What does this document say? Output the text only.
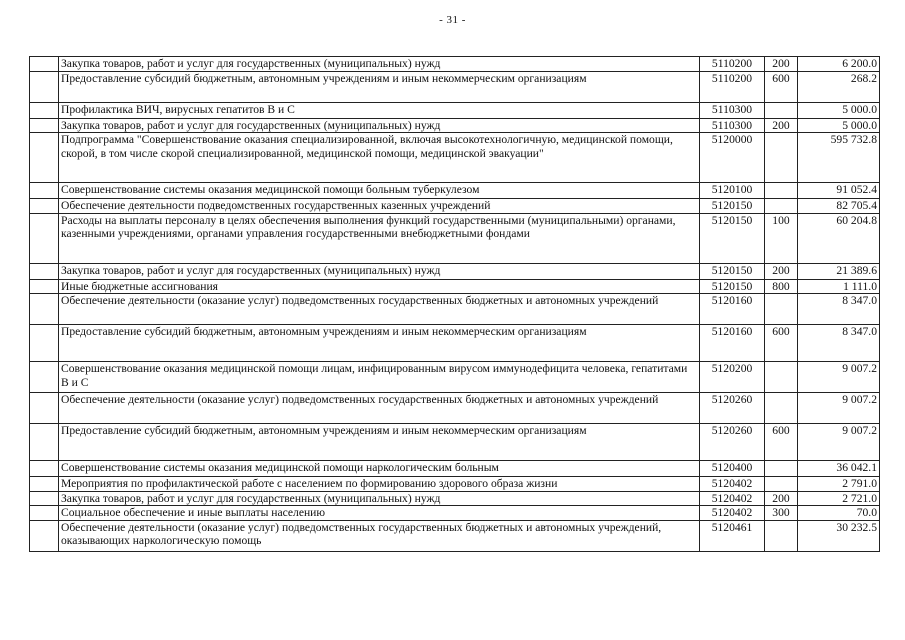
- 31 -
	Закупка товаров, работ и услуг для государственных (муниципальных) нужд	5110200	200	6 200.0
	Предоставление субсидий бюджетным, автономным учреждениям и иным некоммерческим организациям	5110200	600	268.2
	Профилактика ВИЧ, вирусных гепатитов В и С	5110300		5 000.0
	Закупка товаров, работ и услуг для государственных (муниципальных) нужд	5110300	200	5 000.0
	Подпрограмма "Совершенствование оказания специализированной, включая высокотехнологичную, медицинской помощи, скорой, в том числе скорой специализированной, медицинской помощи, медицинской эвакуации"	5120000		595 732.8
	Совершенствование системы оказания медицинской помощи больным туберкулезом	5120100		91 052.4
	Обеспечение деятельности подведомственных государственных казенных учреждений	5120150		82 705.4
	Расходы на выплаты персоналу в целях обеспечения выполнения функций государственными (муниципальными) органами, казенными учреждениями, органами управления государственными внебюджетными фондами	5120150	100	60 204.8
	Закупка товаров, работ и услуг для государственных (муниципальных) нужд	5120150	200	21 389.6
	Иные бюджетные ассигнования	5120150	800	1 111.0
	Обеспечение деятельности (оказание услуг) подведомственных государственных бюджетных и автономных учреждений	5120160		8 347.0
	Предоставление субсидий бюджетным, автономным учреждениям и иным некоммерческим организациям	5120160	600	8 347.0
	Совершенствование оказания медицинской помощи лицам, инфицированным вирусом иммунодефицита человека, гепатитами В и С	5120200		9 007.2
	Обеспечение деятельности (оказание услуг) подведомственных государственных бюджетных и автономных учреждений	5120260		9 007.2
	Предоставление субсидий бюджетным, автономным учреждениям и иным некоммерческим организациям	5120260	600	9 007.2
	Совершенствование системы оказания медицинской помощи наркологическим больным	5120400		36 042.1
	Мероприятия по профилактической работе с населением по формированию здорового образа жизни	5120402		2 791.0
	Закупка товаров, работ и услуг для государственных (муниципальных) нужд	5120402	200	2 721.0
	Социальное обеспечение и иные выплаты населению	5120402	300	70.0
	Обеспечение деятельности (оказание услуг) подведомственных государственных бюджетных и автономных учреждений, оказывающих наркологическую помощь	5120461		30 232.5
